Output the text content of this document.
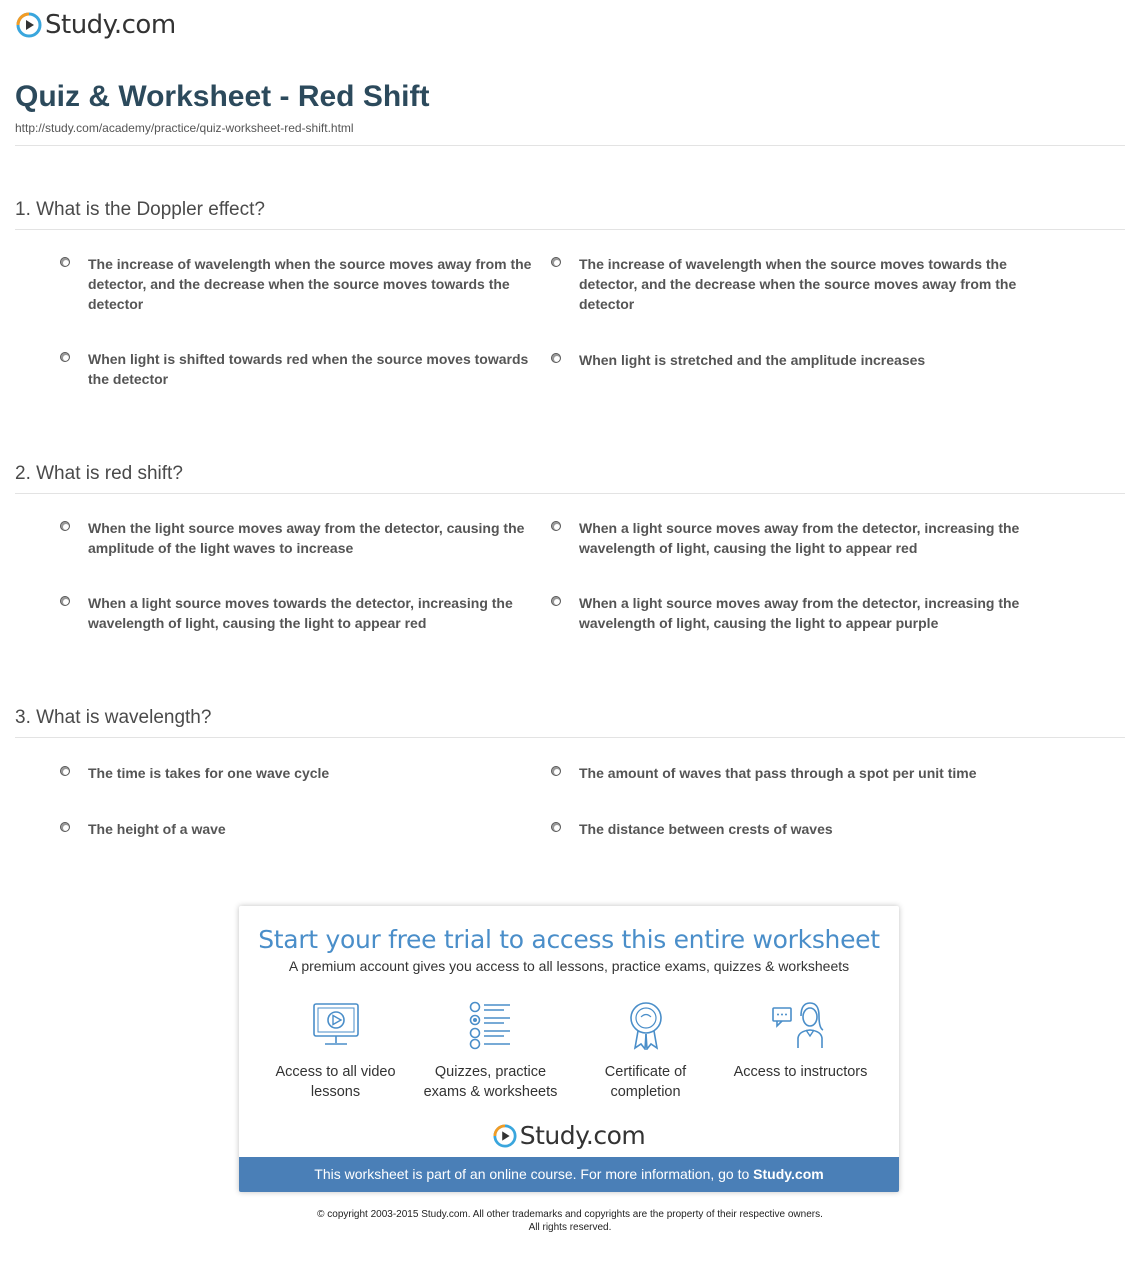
Study.com
Quiz & Worksheet - Red Shift
http://study.com/academy/practice/quiz-worksheet-red-shift.html
1. What is the Doppler effect?
The increase of wavelength when the source moves away from the detector, and the decrease when the source moves towards the detector
The increase of wavelength when the source moves towards the detector, and the decrease when the source moves away from the detector
When light is shifted towards red when the source moves towards the detector
When light is stretched and the amplitude increases
2. What is red shift?
When the light source moves away from the detector, causing the amplitude of the light waves to increase
When a light source moves away from the detector, increasing the wavelength of light, causing the light to appear red
When a light source moves towards the detector, increasing the wavelength of light, causing the light to appear red
When a light source moves away from the detector, increasing the wavelength of light, causing the light to appear purple
3. What is wavelength?
The time is takes for one wave cycle	The amount of waves that pass through a spot per unit time
The height of a wave	The distance between crests of waves
Start your free trial to access this entire worksheet
A premium account gives you access to all lessons, practice exams, quizzes & worksheets
Access to all video lessons
Quizzes, practice exams & worksheets
Certificate of completion
Access to instructors
Study.com
This worksheet is part of an online course. For more information, go to Study.com
© copyright 2003-2015 Study.com. All other trademarks and copyrights are the property of their respective owners.
All rights reserved.
